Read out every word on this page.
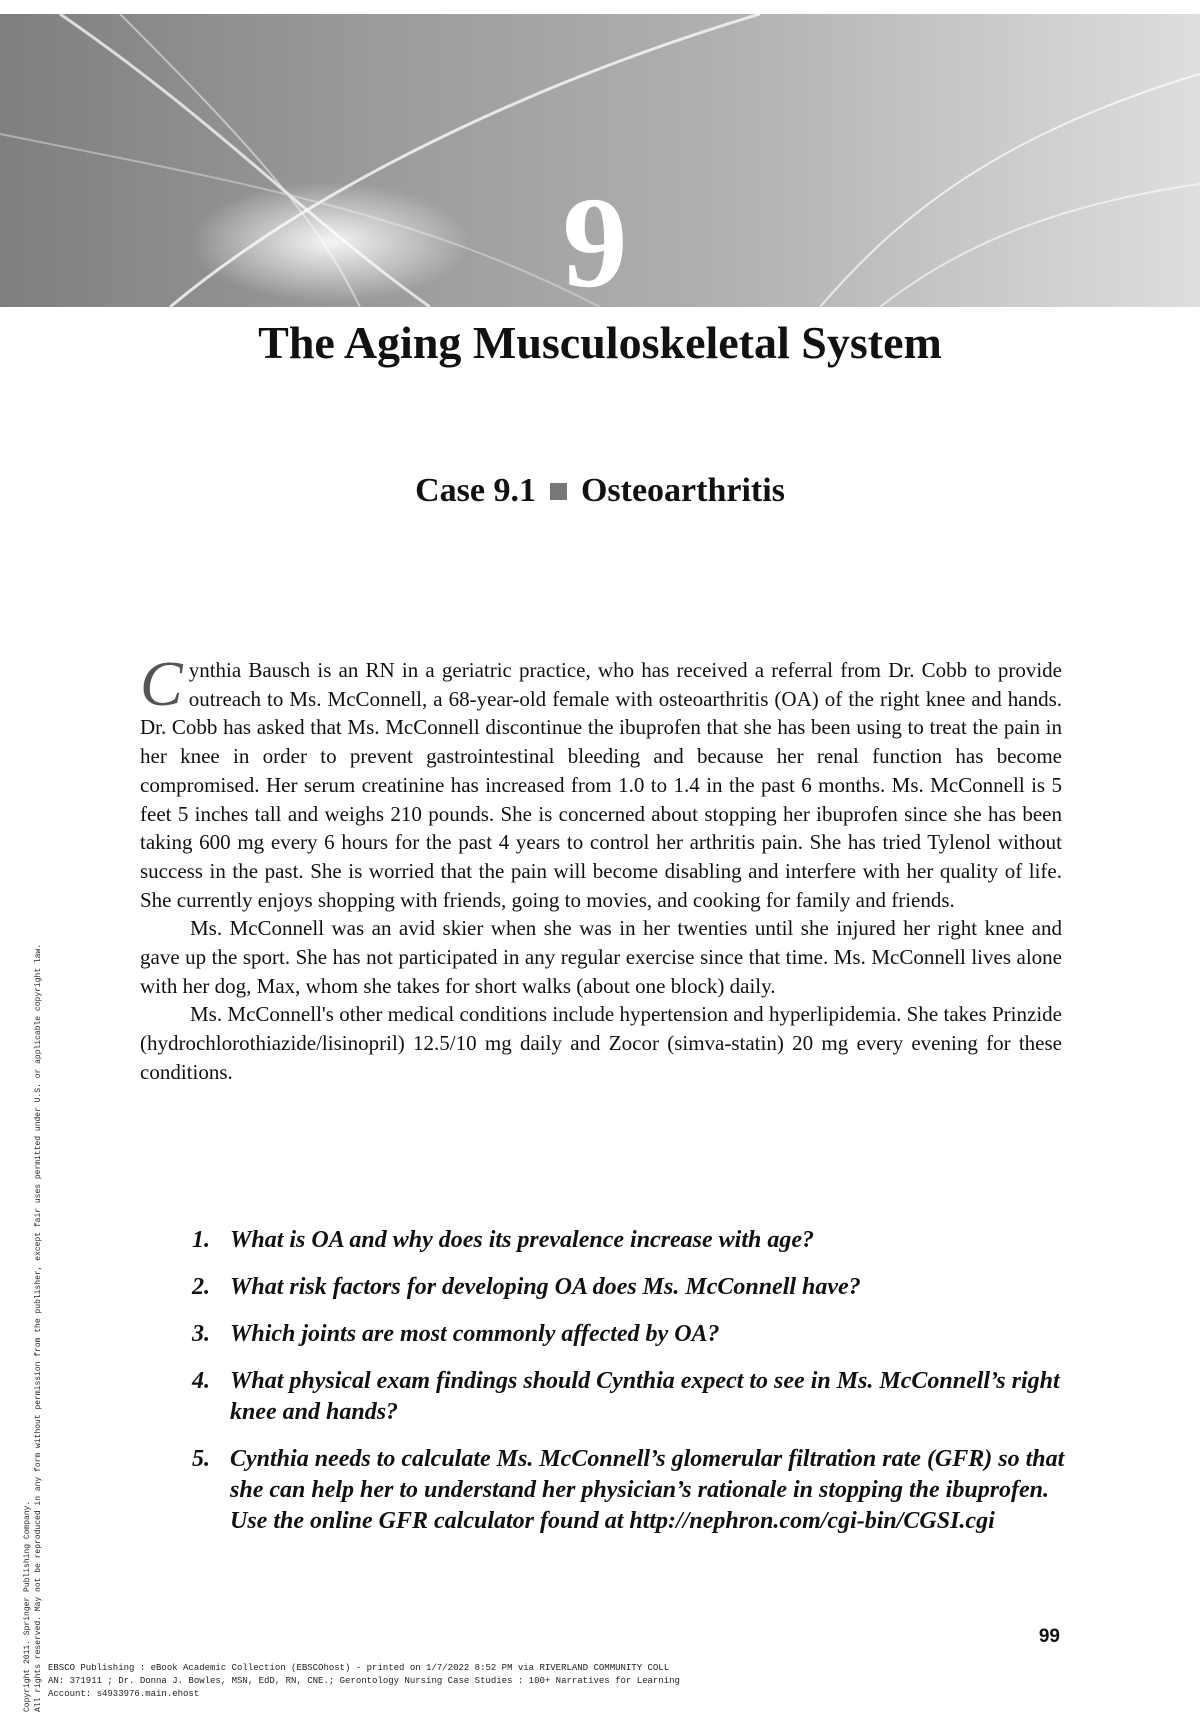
9
The Aging Musculoskeletal System
Case 9.1 Osteoarthritis

Cynthia Bausch is an RN in a geriatric practice, who has received a referral from Dr. Cobb to provide outreach to Ms. McConnell, a 68-year-old female with osteoarthritis (OA) of the right knee and hands. Dr. Cobb has asked that Ms. McConnell discontinue the ibuprofen that she has been using to treat the pain in her knee in order to prevent gastrointestinal bleeding and because her renal function has become compromised. Her serum creatinine has increased from 1.0 to 1.4 in the past 6 months. Ms. McConnell is 5 feet 5 inches tall and weighs 210 pounds. She is concerned about stopping her ibuprofen since she has been taking 600 mg every 6 hours for the past 4 years to control her arthritis pain. She has tried Tylenol without success in the past. She is worried that the pain will become disabling and interfere with her quality of life. She currently enjoys shopping with friends, going to movies, and cooking for family and friends.

Ms. McConnell was an avid skier when she was in her twenties until she injured her right knee and gave up the sport. She has not participated in any regular exercise since that time. Ms. McConnell lives alone with her dog, Max, whom she takes for short walks (about one block) daily.

Ms. McConnell's other medical conditions include hypertension and hyperlipidemia. She takes Prinzide (hydrochlorothiazide/lisinopril) 12.5/10 mg daily and Zocor (simva-statin) 20 mg every evening for these conditions.

1. What is OA and why does its prevalence increase with age?
2. What risk factors for developing OA does Ms. McConnell have?
3. Which joints are most commonly affected by OA?
4. What physical exam findings should Cynthia expect to see in Ms. McConnell’s right knee and hands?
5. Cynthia needs to calculate Ms. McConnell’s glomerular filtration rate (GFR) so that she can help her to understand her physician’s rationale in stopping the ibuprofen. Use the online GFR calculator found at http://nephron.com/cgi-bin/CGSI.cgi
99
EBSCO Publishing : eBook Academic Collection (EBSCOhost) - printed on 1/7/2022 8:52 PM via RIVERLAND COMMUNITY COLL
AN: 371911 ; Dr. Donna J. Bowles, MSN, EdD, RN, CNE.; Gerontology Nursing Case Studies : 100+ Narratives for Learning
Account: s4933976.main.ehost
Copyright 2011. Springer Publishing Company. All rights reserved. May not be reproduced in any form without permission from the publisher, except fair uses permitted under U.S. or applicable copyright law.
